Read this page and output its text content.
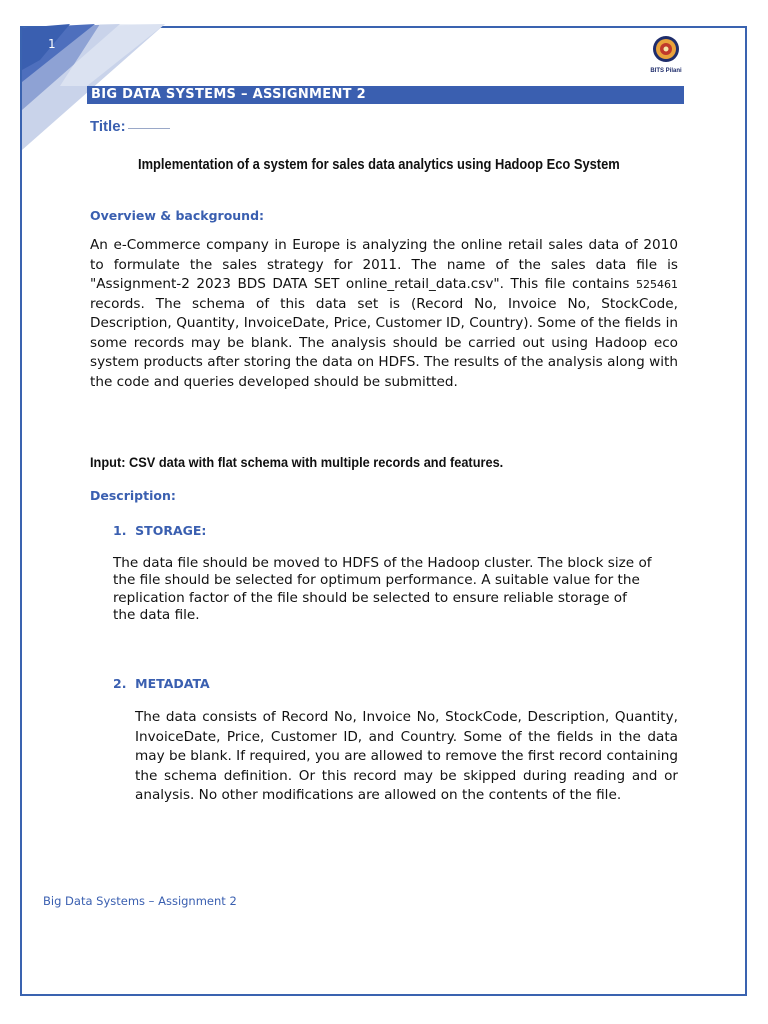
1
BITS Pilani
BIG DATA SYSTEMS – ASSIGNMENT 2
Title:
Implementation of a system for sales data analytics using Hadoop Eco System
Overview & background:
An e-Commerce company in Europe is analyzing the online retail sales data of 2010 to formulate the sales strategy for 2011. The name of the sales data file is "Assignment-2 2023 BDS DATA SET online_retail_data.csv". This file contains 525461 records. The schema of this data set is (Record No, Invoice No, StockCode, Description, Quantity, InvoiceDate, Price, Customer ID, Country). Some of the fields in some records may be blank. The analysis should be carried out using Hadoop eco system products after storing the data on HDFS. The results of the analysis along with the code and queries developed should be submitted.
Input: CSV data with flat schema with multiple records and features.
Description:
1. STORAGE:
The data file should be moved to HDFS of the Hadoop cluster. The block size of the file should be selected for optimum performance. A suitable value for the replication factor of the file should be selected to ensure reliable storage of the data file.
2. METADATA
The data consists of Record No, Invoice No, StockCode, Description, Quantity, InvoiceDate, Price, Customer ID, and Country. Some of the fields in the data may be blank. If required, you are allowed to remove the first record containing the schema definition. Or this record may be skipped during reading and or analysis. No other modifications are allowed on the contents of the file.
Big Data Systems – Assignment 2
